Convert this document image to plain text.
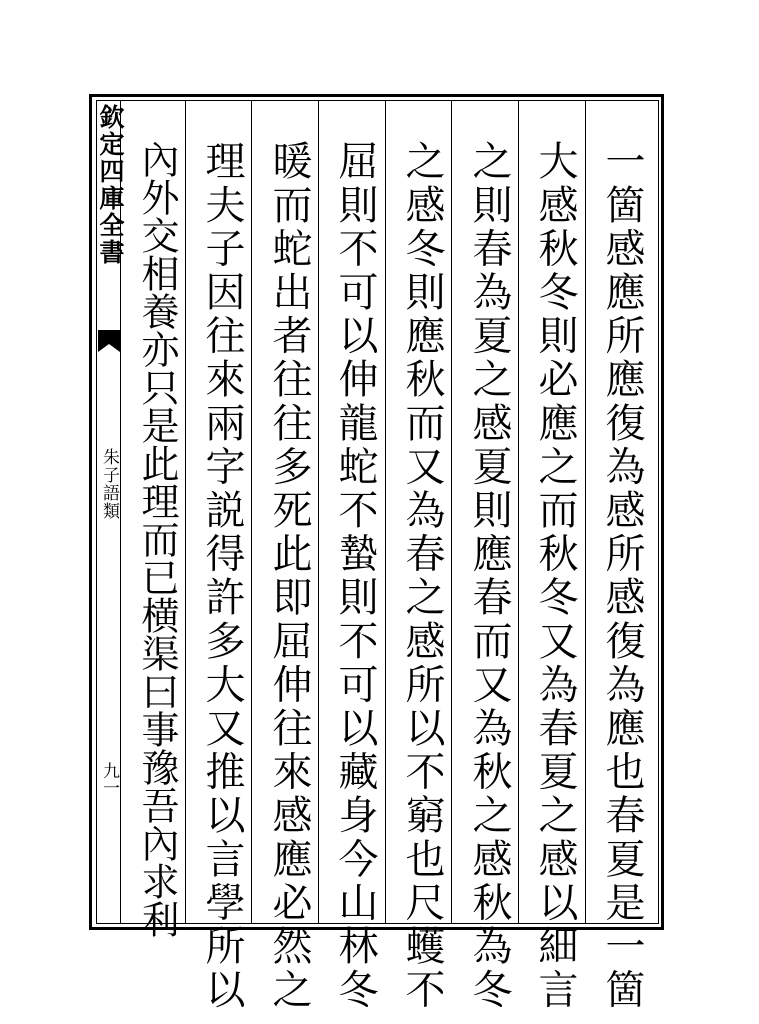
欽定四庫全書
朱子語類
九一	一箇感應所應復為感所感復為應也春夏是一箇
大感秋冬則必應之而秋冬又為春夏之感以細言
之則春為夏之感夏則應春而又為秋之感秋為冬
之感冬則應秋而又為春之感所以不窮也尺蠖不
屈則不可以伸龍蛇不蟄則不可以藏身今山林冬
暖而蛇出者往往多死此即屈伸往來感應必然之
理夫子因往來兩字説得許多大又推以言學所以
內外交相養亦只是此理而已横渠曰事豫吾內求利
